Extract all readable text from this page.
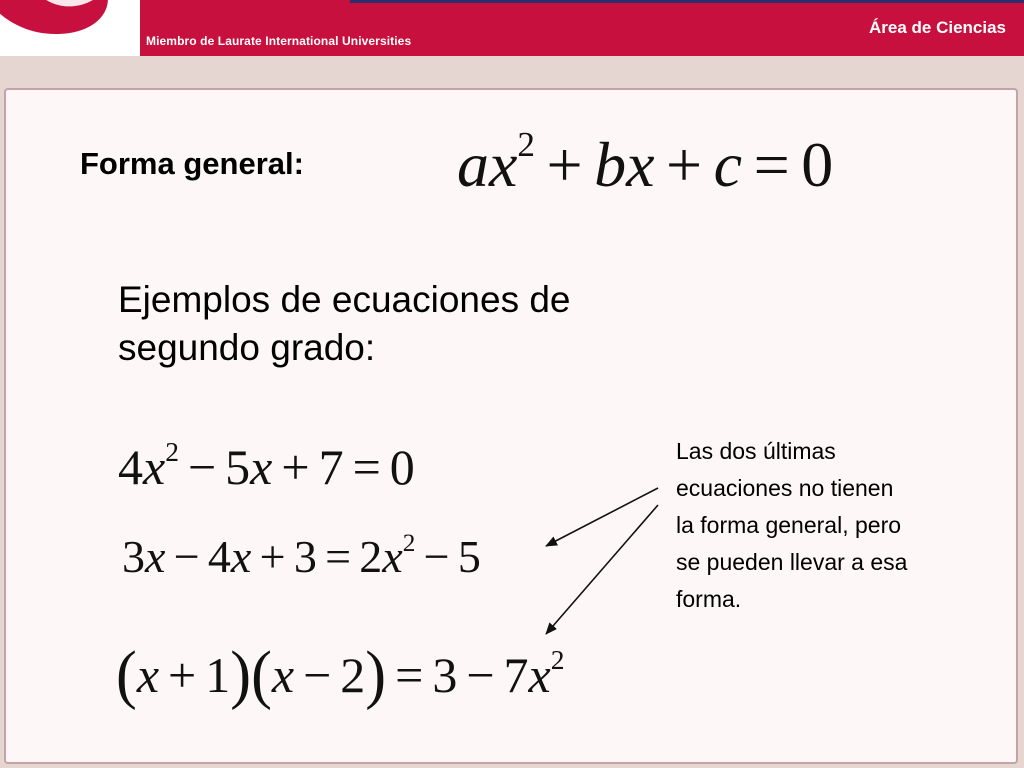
Miembro de Laurate International Universities
Área de Ciencias
Forma general: $ax^2$ + bx + c = 0
Ejemplos de ecuaciones de segundo grado:
$4x^2 - 5x + 7 = 0$
$3x - 4x + 3 = 2x^2 - 5$
$(x + 1)(x - 2) = 3 - 7x^2$
Las dos últimas ecuaciones no tienen la forma general, pero se pueden llevar a esa forma.
